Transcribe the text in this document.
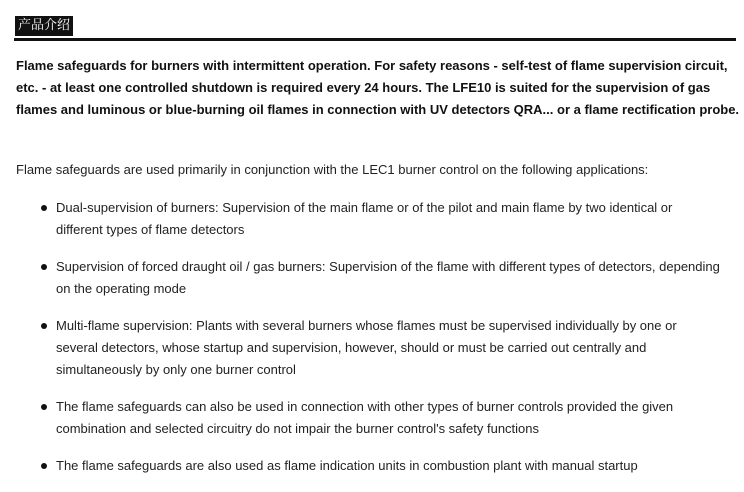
产品介绍

Flame safeguards for burners with intermittent operation. For safety reasons - self-test of flame supervision circuit, etc. - at least one controlled shutdown is required every 24 hours. The LFE10 is suited for the supervision of gas flames and luminous or blue-burning oil flames in connection with UV detectors QRA... or a flame rectification probe.

Flame safeguards are used primarily in conjunction with the LEC1 burner control on the following applications:

Dual-supervision of burners: Supervision of the main flame or of the pilot and main flame by two identical or different types of flame detectors
Supervision of forced draught oil / gas burners: Supervision of the flame with different types of detectors, depending on the operating mode
Multi-flame supervision: Plants with several burners whose flames must be supervised individually by one or several detectors, whose startup and supervision, however, should or must be carried out centrally and simultaneously by only one burner control
The flame safeguards can also be used in connection with other types of burner controls provided the given combination and selected circuitry do not impair the burner control's safety functions
The flame safeguards are also used as flame indication units in combustion plant with manual startup
